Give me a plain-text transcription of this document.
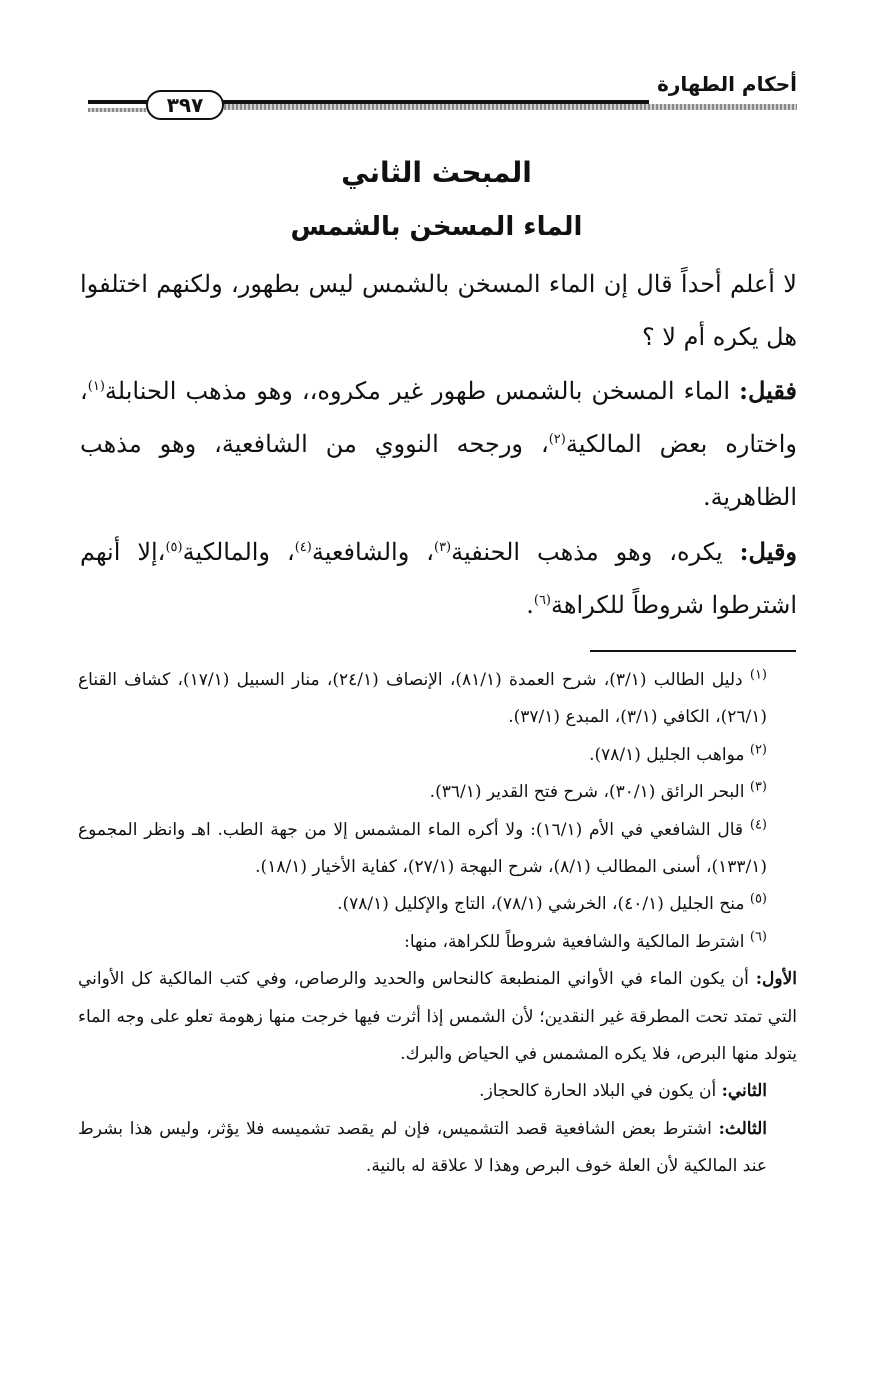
أحكام الطهارة
٣٩٧
المبحث الثاني
الماء المسخن بالشمس

لا أعلم أحداً قال إن الماء المسخن بالشمس ليس بطهور، ولكنهم اختلفوا هل يكره أم لا ؟

فقيل: الماء المسخن بالشمس طهور غير مكروه،، وهو مذهب الحنابلة$^{(١)}$، واختاره بعض المالكية$^{(٢)}$، ورجحه النووي من الشافعية، وهو مذهب الظاهرية.

وقيل: يكره، وهو مذهب الحنفية$^{(٣)}$، والشافعية$^{(٤)}$، والمالكية$^{(٥)}$،إلا أنهم اشترطوا شروطاً للكراهة$^{(٦)}$.

$^{(١)}$ دليل الطالب (٣/١)، شرح العمدة (٨١/١)، الإنصاف (٢٤/١)، منار السبيل (١٧/١)، كشاف القناع (٢٦/١)، الكافي (٣/١)، المبدع (٣٧/١).

$^{(٢)}$ مواهب الجليل (٧٨/١).

$^{(٣)}$ البحر الرائق (٣٠/١)، شرح فتح القدير (٣٦/١).

$^{(٤)}$ قال الشافعي في الأم (١٦/١): ولا أكره الماء المشمس إلا من جهة الطب. اهـ وانظر المجموع (١٣٣/١)، أسنى المطالب (٨/١)، شرح البهجة (٢٧/١)، كفاية الأخيار (١٨/١).

$^{(٥)}$ منح الجليل (٤٠/١)، الخرشي (٧٨/١)، التاج والإكليل (٧٨/١).

$^{(٦)}$ اشترط المالكية والشافعية شروطاً للكراهة، منها:

الأول: أن يكون الماء في الأواني المنطبعة كالنحاس والحديد والرصاص، وفي كتب المالكية كل الأواني التي تمتد تحت المطرقة غير النقدين؛ لأن الشمس إذا أثرت فيها خرجت منها زهومة تعلو على وجه الماء يتولد منها البرص، فلا يكره المشمس في الحياض والبرك.

الثاني: أن يكون في البلاد الحارة كالحجاز.

الثالث: اشترط بعض الشافعية قصد التشميس، فإن لم يقصد تشميسه فلا يؤثر، وليس هذا بشرط عند المالكية لأن العلة خوف البرص وهذا لا علاقة له بالنية.
